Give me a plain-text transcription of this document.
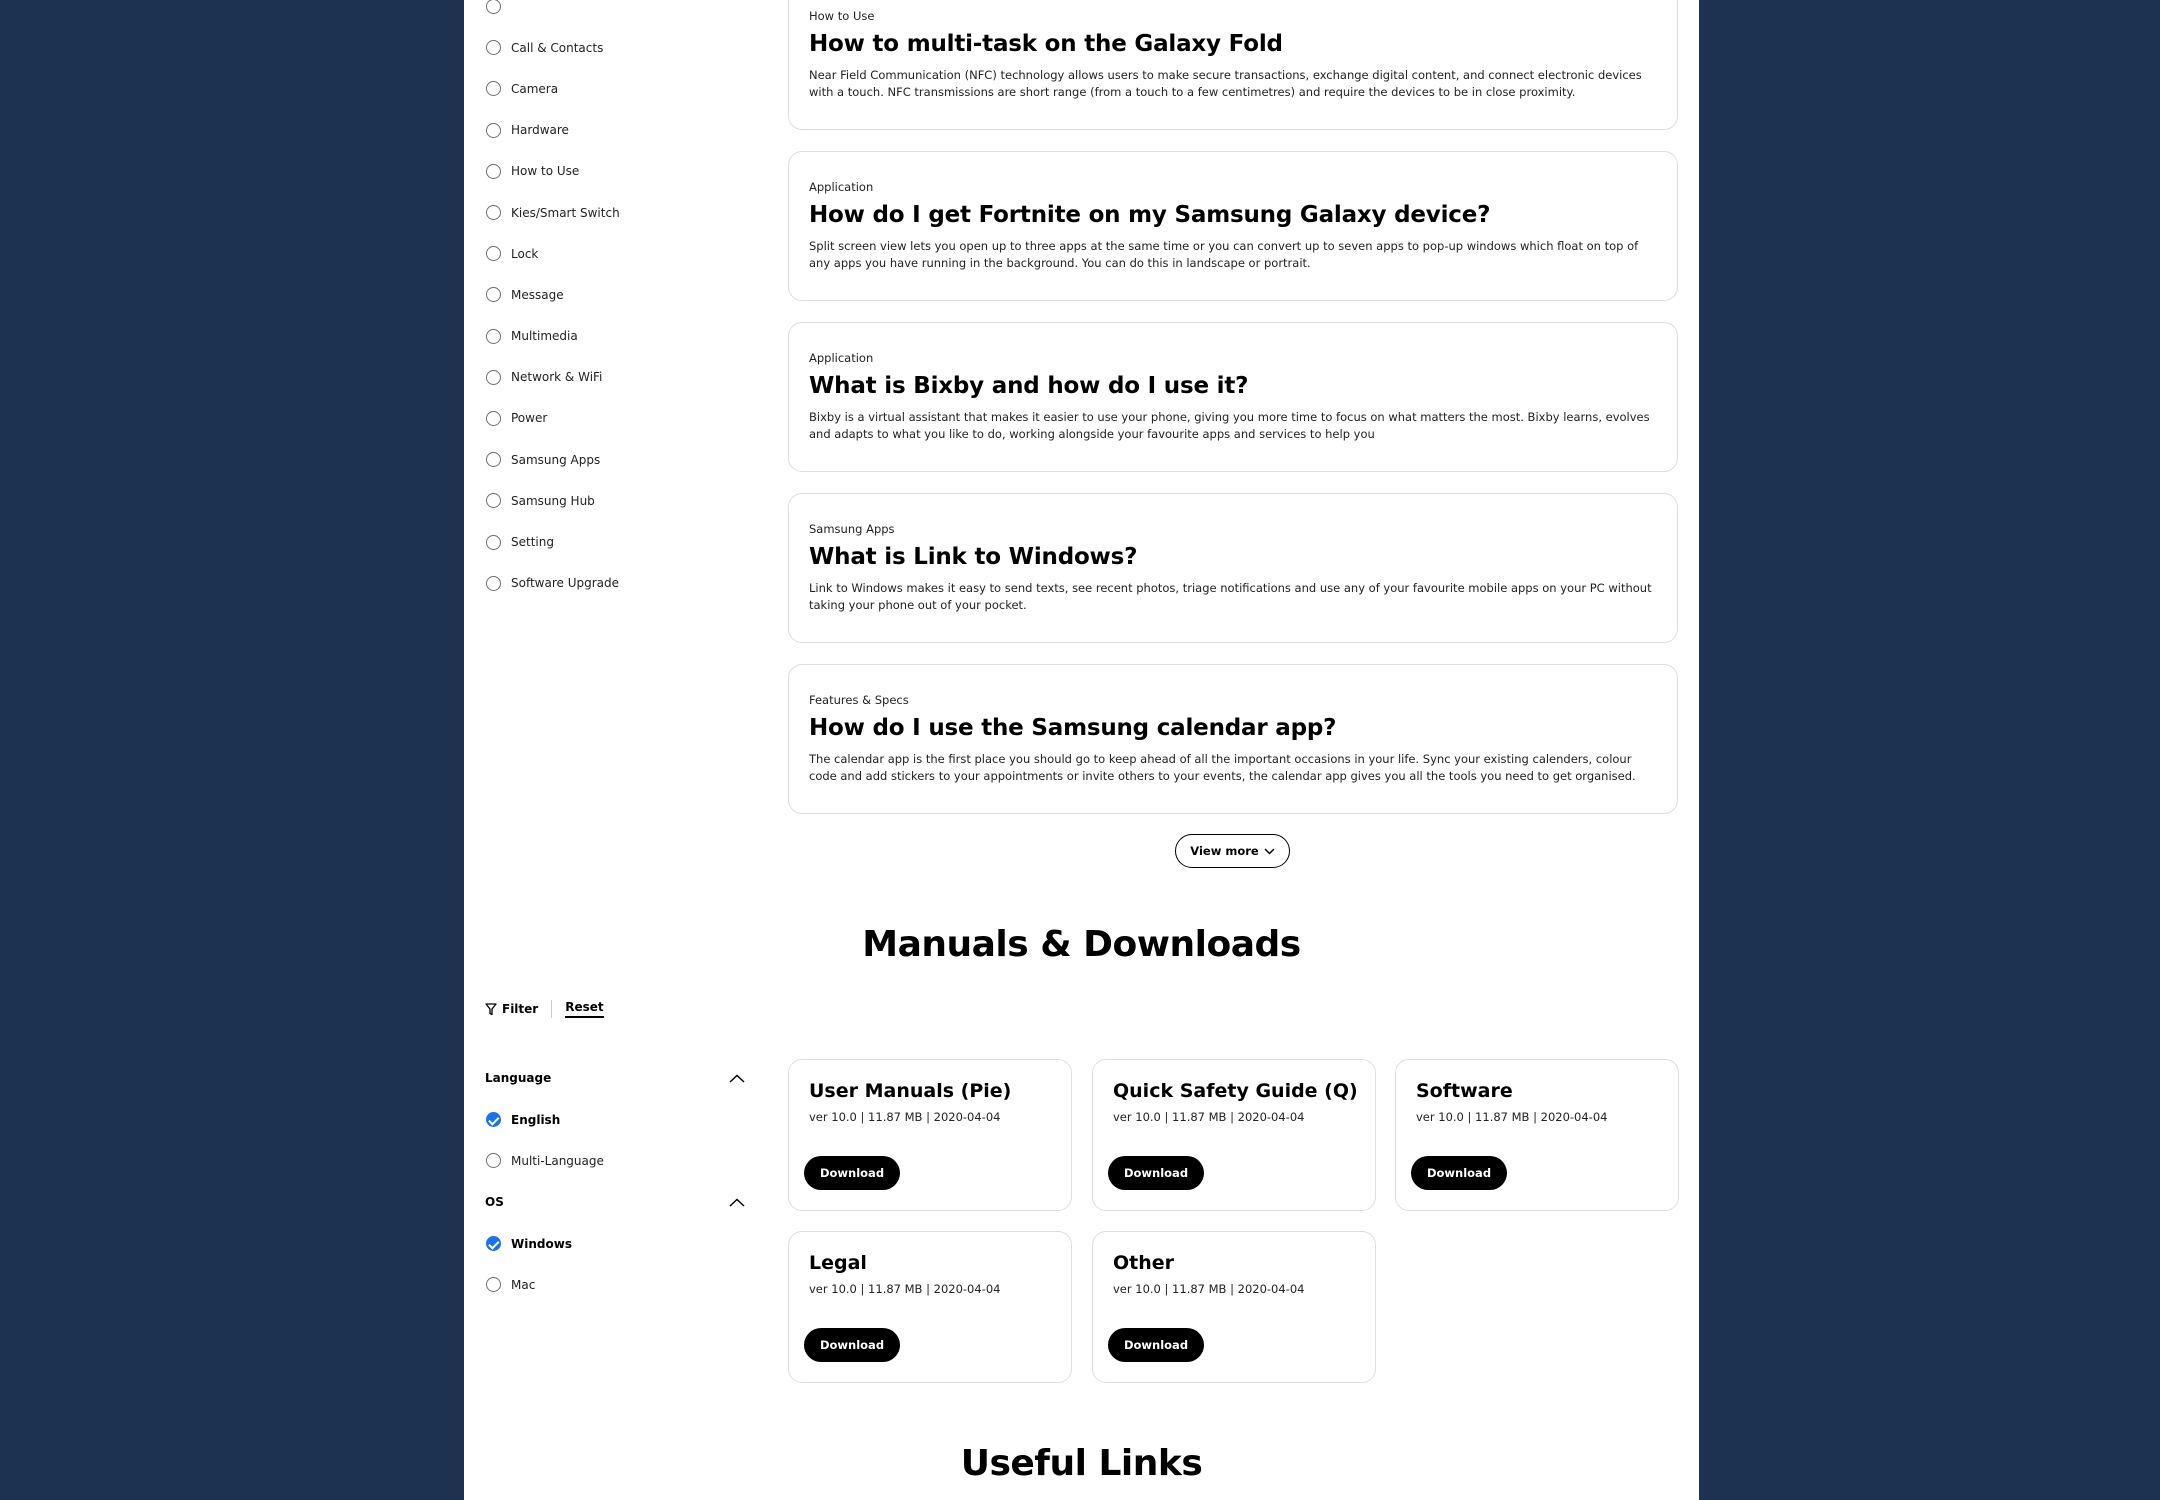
Call & Contacts
Camera
Hardware
How to Use
Kies/Smart Switch
Lock
Message
Multimedia
Network & WiFi
Power
Samsung Apps
Samsung Hub
Setting
Software Upgrade
How to Use
How to multi-task on the Galaxy Fold
Near Field Communication (NFC) technology allows users to make secure transactions, exchange digital content, and connect electronic devices with a touch. NFC transmissions are short range (from a touch to a few centimetres) and require the devices to be in close proximity.
Application
How do I get Fortnite on my Samsung Galaxy device?
Split screen view lets you open up to three apps at the same time or you can convert up to seven apps to pop-up windows which float on top of any apps you have running in the background. You can do this in landscape or portrait.
Application
What is Bixby and how do I use it?
Bixby is a virtual assistant that makes it easier to use your phone, giving you more time to focus on what matters the most. Bixby learns, evolves and adapts to what you like to do, working alongside your favourite apps and services to help you
Samsung Apps
What is Link to Windows?
Link to Windows makes it easy to send texts, see recent photos, triage notifications and use any of your favourite mobile apps on your PC without taking your phone out of your pocket.
Features & Specs
How do I use the Samsung calendar app?
The calendar app is the first place you should go to keep ahead of all the important occasions in your life. Sync your existing calenders, colour code and add stickers to your appointments or invite others to your events, the calendar app gives you all the tools you need to get organised.
View more
Manuals & Downloads
Filter Reset
Language
English
Multi-Language
OS
Windows
Mac
User Manuals (Pie)
ver 10.0 | 11.87 MB | 2020-04-04
Download
Quick Safety Guide (Q)
ver 10.0 | 11.87 MB | 2020-04-04
Download
Software
ver 10.0 | 11.87 MB | 2020-04-04
Download
Legal
ver 10.0 | 11.87 MB | 2020-04-04
Download
Other
ver 10.0 | 11.87 MB | 2020-04-04
Download
Useful Links
